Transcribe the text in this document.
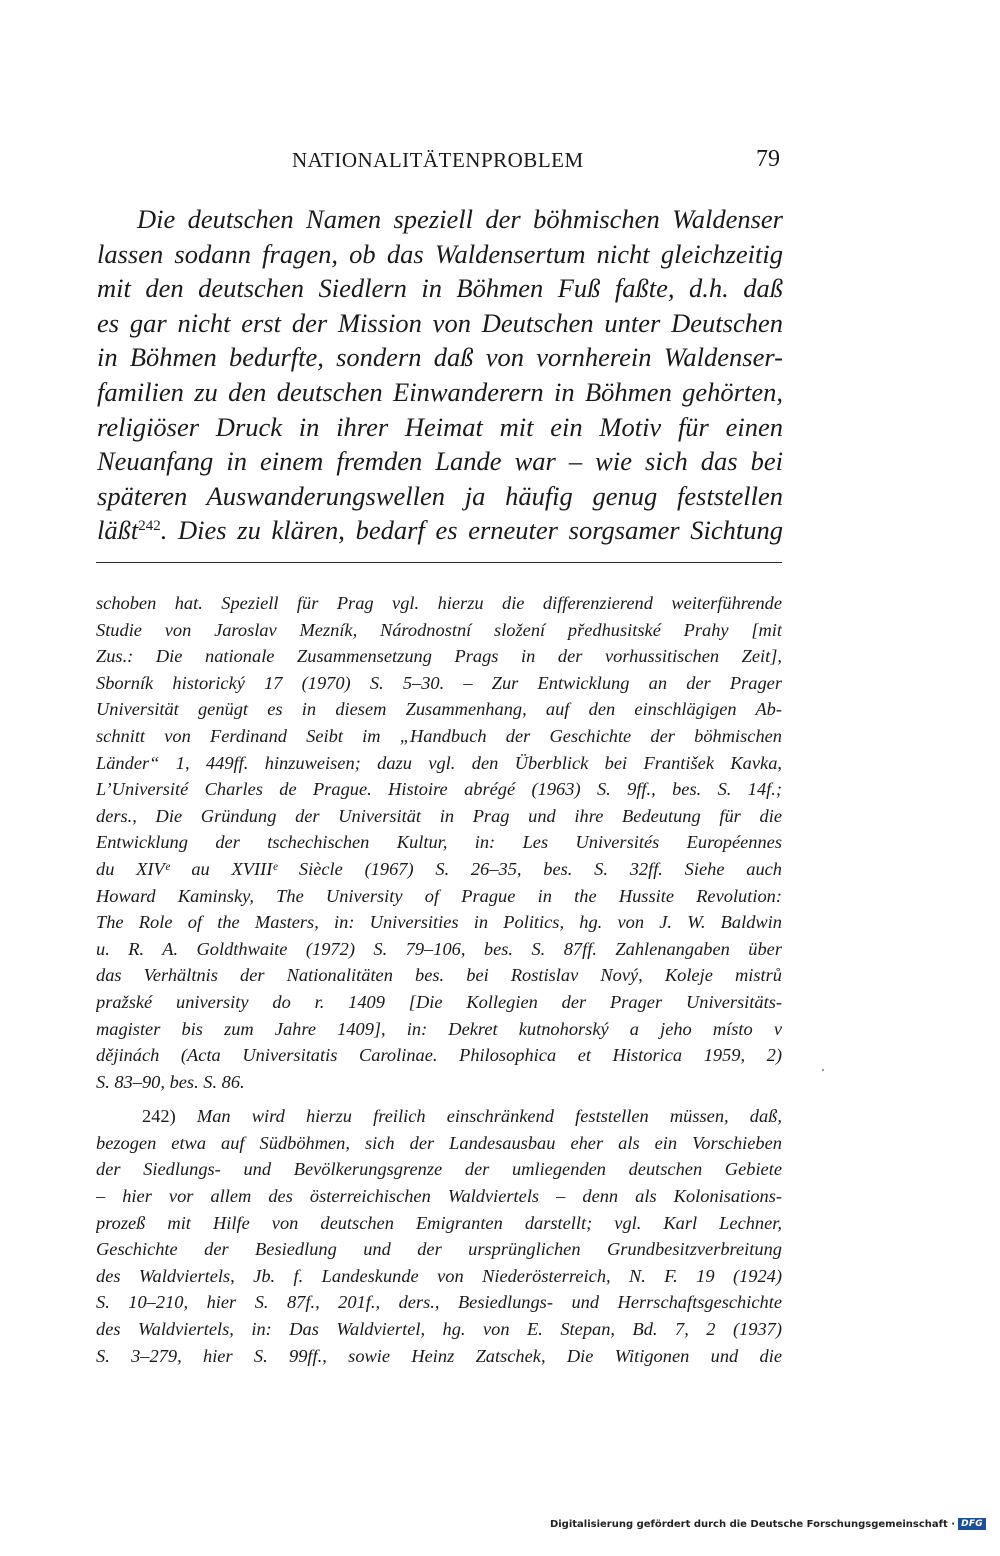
NATIONALITÄTENPROBLEM	79
Die deutschen Namen speziell der böhmischen Waldenser
lassen sodann fragen, ob das Waldensertum nicht gleichzeitig
mit den deutschen Siedlern in Böhmen Fuß faßte, d.h. daß
es gar nicht erst der Mission von Deutschen unter Deutschen
in Böhmen bedurfte, sondern daß von vornherein Waldenser-
familien zu den deutschen Einwanderern in Böhmen gehörten,
religiöser Druck in ihrer Heimat mit ein Motiv für einen
Neuanfang in einem fremden Lande war – wie sich das bei
späteren Auswanderungswellen ja häufig genug feststellen
läßt$^{242}$. Dies zu klären, bedarf es erneuter sorgsamer Sichtung
schoben hat. Speziell für Prag vgl. hierzu die differenzierend weiterführende
Studie von Jaroslav Mezník, Národnostní složení předhusitské Prahy [mit
Zus.: Die nationale Zusammensetzung Prags in der vorhussitischen Zeit],
Sborník historický 17 (1970) S. 5–30. – Zur Entwicklung an der Prager
Universität genügt es in diesem Zusammenhang, auf den einschlägigen Ab-
schnitt von Ferdinand Seibt im „Handbuch der Geschichte der böhmischen
Länder“ 1, 449ff. hinzuweisen; dazu vgl. den Überblick bei František Kavka,
L’Université Charles de Prague. Histoire abrégé (1963) S. 9ff., bes. S. 14f.;
ders., Die Gründung der Universität in Prag und ihre Bedeutung für die
Entwicklung der tschechischen Kultur, in: Les Universités Européennes
du XIVᵉ au XVIIIᵉ Siècle (1967) S. 26–35, bes. S. 32ff. Siehe auch
Howard Kaminsky, The University of Prague in the Hussite Revolution:
The Role of the Masters, in: Universities in Politics, hg. von J. W. Baldwin
u. R. A. Goldthwaite (1972) S. 79–106, bes. S. 87ff. Zahlenangaben über
das Verhältnis der Nationalitäten bes. bei Rostislav Nový, Koleje mistrů
pražské university do r. 1409 [Die Kollegien der Prager Universitäts-
magister bis zum Jahre 1409], in: Dekret kutnohorský a jeho místo v
dějinách (Acta Universitatis Carolinae. Philosophica et Historica 1959, 2)
S. 83–90, bes. S. 86.
242) Man wird hierzu freilich einschränkend feststellen müssen, daß,
bezogen etwa auf Südböhmen, sich der Landesausbau eher als ein Vorschieben
der Siedlungs- und Bevölkerungsgrenze der umliegenden deutschen Gebiete
– hier vor allem des österreichischen Waldviertels – denn als Kolonisations-
prozeß mit Hilfe von deutschen Emigranten darstellt; vgl. Karl Lechner,
Geschichte der Besiedlung und der ursprünglichen Grundbesitzverbreitung
des Waldviertels, Jb. f. Landeskunde von Niederösterreich, N. F. 19 (1924)
S. 10–210, hier S. 87f., 201f., ders., Besiedlungs- und Herrschaftsgeschichte
des Waldviertels, in: Das Waldviertel, hg. von E. Stepan, Bd. 7, 2 (1937)
S. 3–279, hier S. 99ff., sowie Heinz Zatschek, Die Witigonen und die
Digitalisierung gefördert durch die Deutsche Forschungsgemeinschaft · DFG
